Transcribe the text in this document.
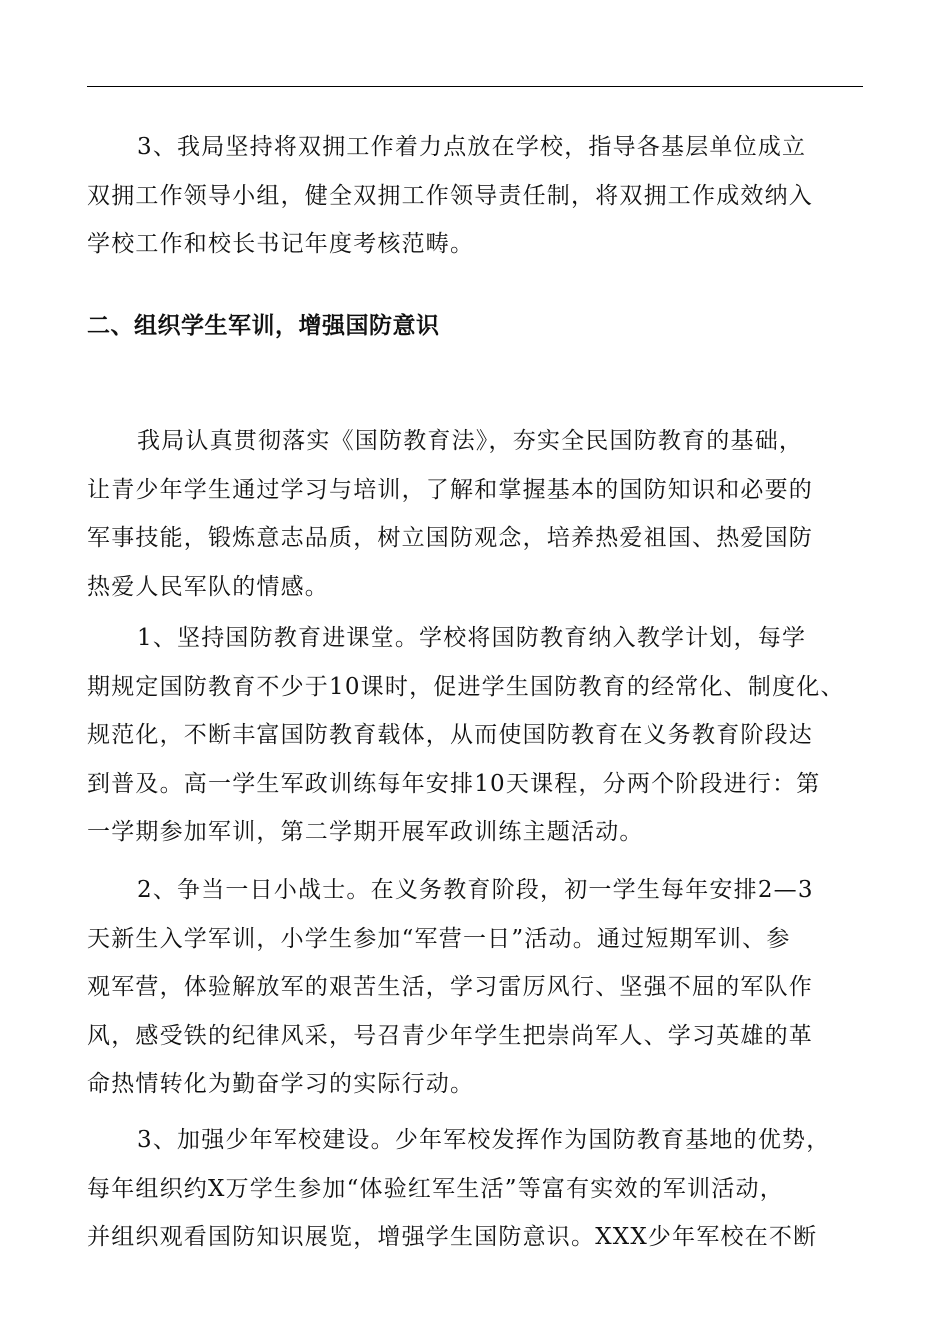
3、我局坚持将双拥工作着力点放在学校，指导各基层单位成立
双拥工作领导小组，健全双拥工作领导责任制，将双拥工作成效纳入
学校工作和校长书记年度考核范畴。
二、组织学生军训，增强国防意识
我局认真贯彻落实《国防教育法》，夯实全民国防教育的基础，
让青少年学生通过学习与培训，了解和掌握基本的国防知识和必要的
军事技能，锻炼意志品质，树立国防观念，培养热爱祖国、热爱国防
热爱人民军队的情感。
1、坚持国防教育进课堂。学校将国防教育纳入教学计划，每学
期规定国防教育不少于10课时，促进学生国防教育的经常化、制度化、
规范化，不断丰富国防教育载体，从而使国防教育在义务教育阶段达
到普及。高一学生军政训练每年安排10天课程，分两个阶段进行：第
一学期参加军训，第二学期开展军政训练主题活动。
2、争当一日小战士。在义务教育阶段，初一学生每年安排2—3
天新生入学军训，小学生参加“军营一日”活动。通过短期军训、参
观军营，体验解放军的艰苦生活，学习雷厉风行、坚强不屈的军队作
风，感受铁的纪律风采，号召青少年学生把崇尚军人、学习英雄的革
命热情转化为勤奋学习的实际行动。
3、加强少年军校建设。少年军校发挥作为国防教育基地的优势，
每年组织约X万学生参加“体验红军生活”等富有实效的军训活动，
并组织观看国防知识展览，增强学生国防意识。XXX少年军校在不断
